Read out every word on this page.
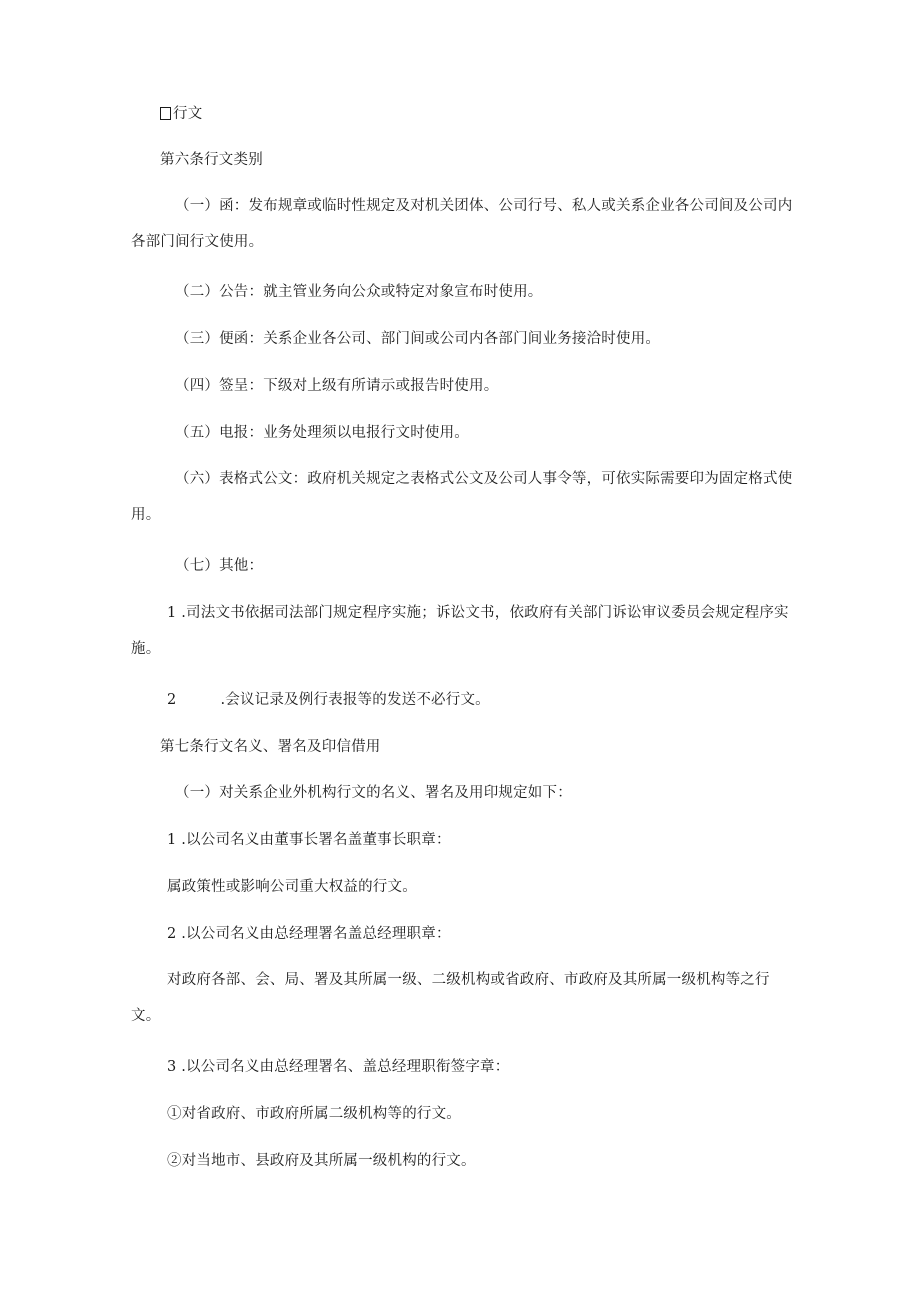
行文

第六条行文类别

（一）函：发布规章或临时性规定及对机关团体、公司行号、私人或关系企业各公司间及公司内各部门间行文使用。

（二）公告：就主管业务向公众或特定对象宣布时使用。

（三）便函：关系企业各公司、部门间或公司内各部门间业务接洽时使用。

（四）签呈：下级对上级有所请示或报告时使用。

（五）电报：业务处理须以电报行文时使用。

（六）表格式公文：政府机关规定之表格式公文及公司人事令等，可依实际需要印为固定格式使用。

（七）其他：

1 .司法文书依据司法部门规定程序实施；诉讼文书，依政府有关部门诉讼审议委员会规定程序实施。

2	.会议记录及例行表报等的发送不必行文。

第七条行文名义、署名及印信借用

（一）对关系企业外机构行文的名义、署名及用印规定如下：

1 .以公司名义由董事长署名盖董事长职章：

属政策性或影响公司重大权益的行文。

2 .以公司名义由总经理署名盖总经理职章：

对政府各部、会、局、署及其所属一级、二级机构或省政府、市政府及其所属一级机构等之行文。

3 .以公司名义由总经理署名、盖总经理职衔签字章：

①对省政府、市政府所属二级机构等的行文。

②对当地市、县政府及其所属一级机构的行文。
